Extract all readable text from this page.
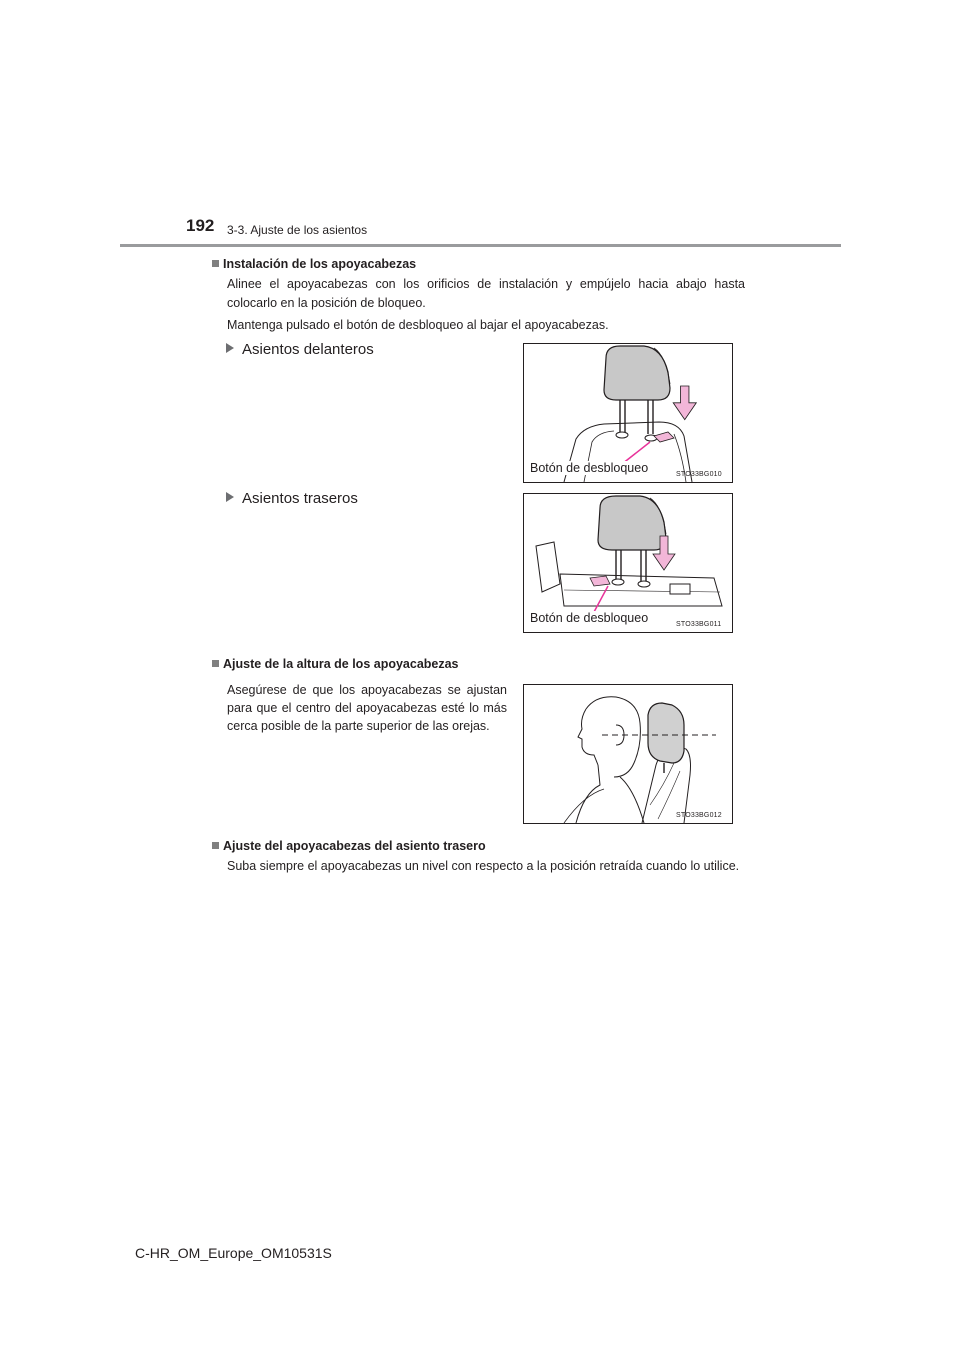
192 3-3. Ajuste de los asientos
Instalación de los apoyacabezas
Alinee el apoyacabezas con los orificios de instalación y empújelo hacia abajo hasta colocarlo en la posición de bloqueo.
Mantenga pulsado el botón de desbloqueo al bajar el apoyacabezas.
Asientos delanteros
Asientos traseros
Botón de desbloqueo	STO33BG010
Botón de desbloqueo	STO33BG011
Ajuste de la altura de los apoyacabezas
Asegúrese de que los apoyacabezas se ajustan para que el centro del apoyacabezas esté lo más cerca posible de la parte superior de las orejas.
STO33BG012
Ajuste del apoyacabezas del asiento trasero
Suba siempre el apoyacabezas un nivel con respecto a la posición retraída cuando lo utilice.
C-HR_OM_Europe_OM10531S
